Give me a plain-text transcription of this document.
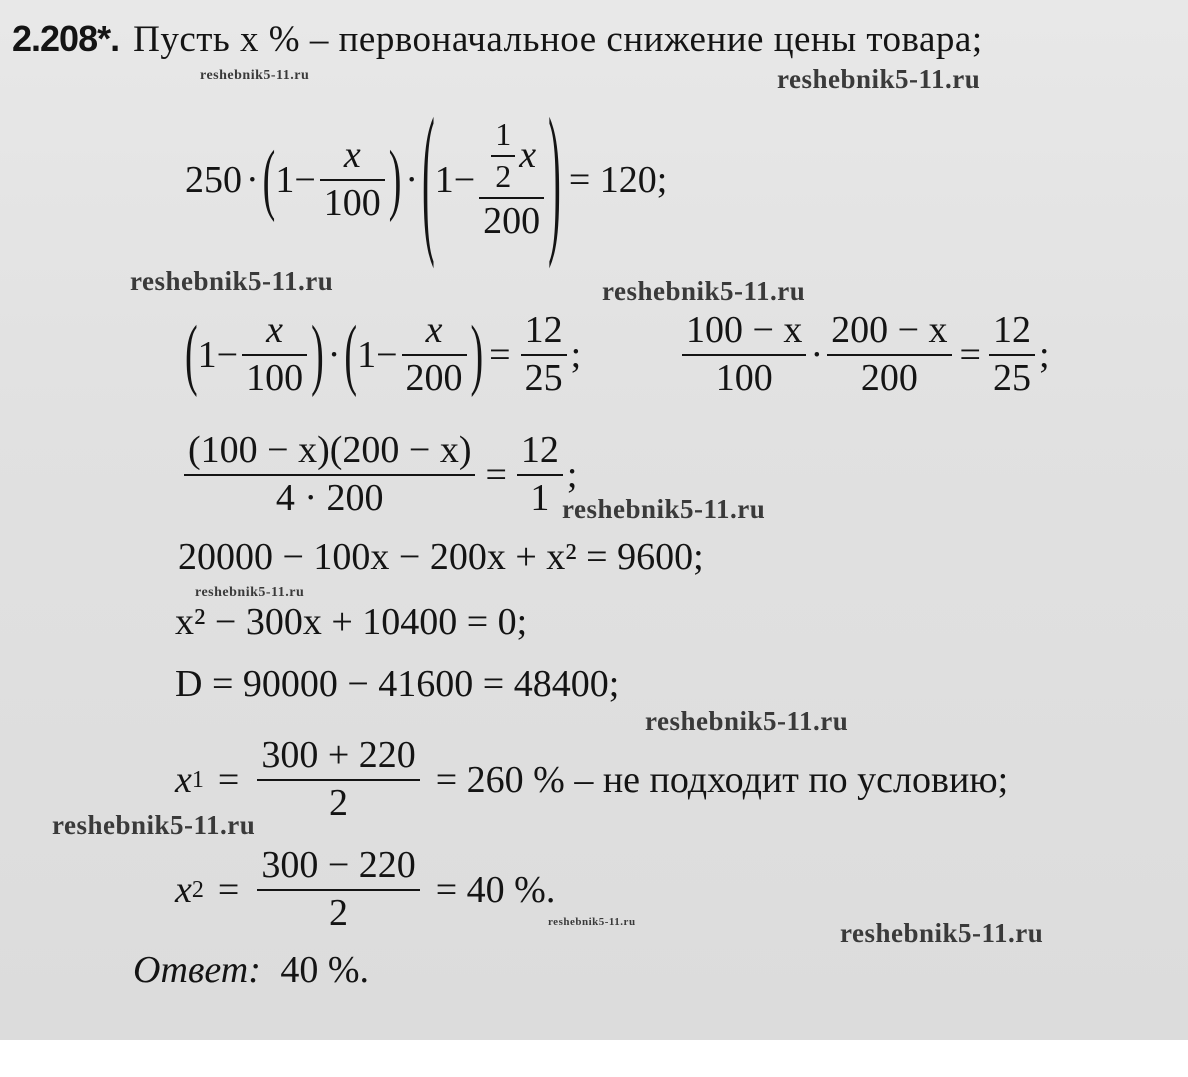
2.208*. Пусть x % – первоначальное снижение цены товара;
250 · ( $1 - \frac{x}{100}$ ) · ( $1 - \frac{\frac{1}{2} x}{200}$ ) = 120;
( $1- \frac{x}{100}$ ) · ( $1- \frac{x}{200}$ ) = $\frac{12}{25}$ ;	$\frac{100 - x}{100} \cdot \frac{200 - x}{200} = \frac{12}{25}$ ;
$\frac{(100 - x)(200 - x)}{4 \cdot 200} = \frac{12}{1}$ ;
20000 − 100x − 200x + x² = 9600;
x² − 300x + 10400 = 0;
D = 90000 − 41600 = 48400;
x $1 = \frac{300 + 220}{2} = 260$ % – не подходит по условию;
x $2 = \frac{300 - 220}{2} = 40$ %.
Ответ: 40 %.
reshebnik5-11.ru	reshebnik5-11.ru
reshebnik5-11.ru	reshebnik5-11.ru
reshebnik5-11.ru
reshebnik5-11.ru
reshebnik5-11.ru
reshebnik5-11.ru
reshebnik5-11.ru	reshebnik5-11.ru
